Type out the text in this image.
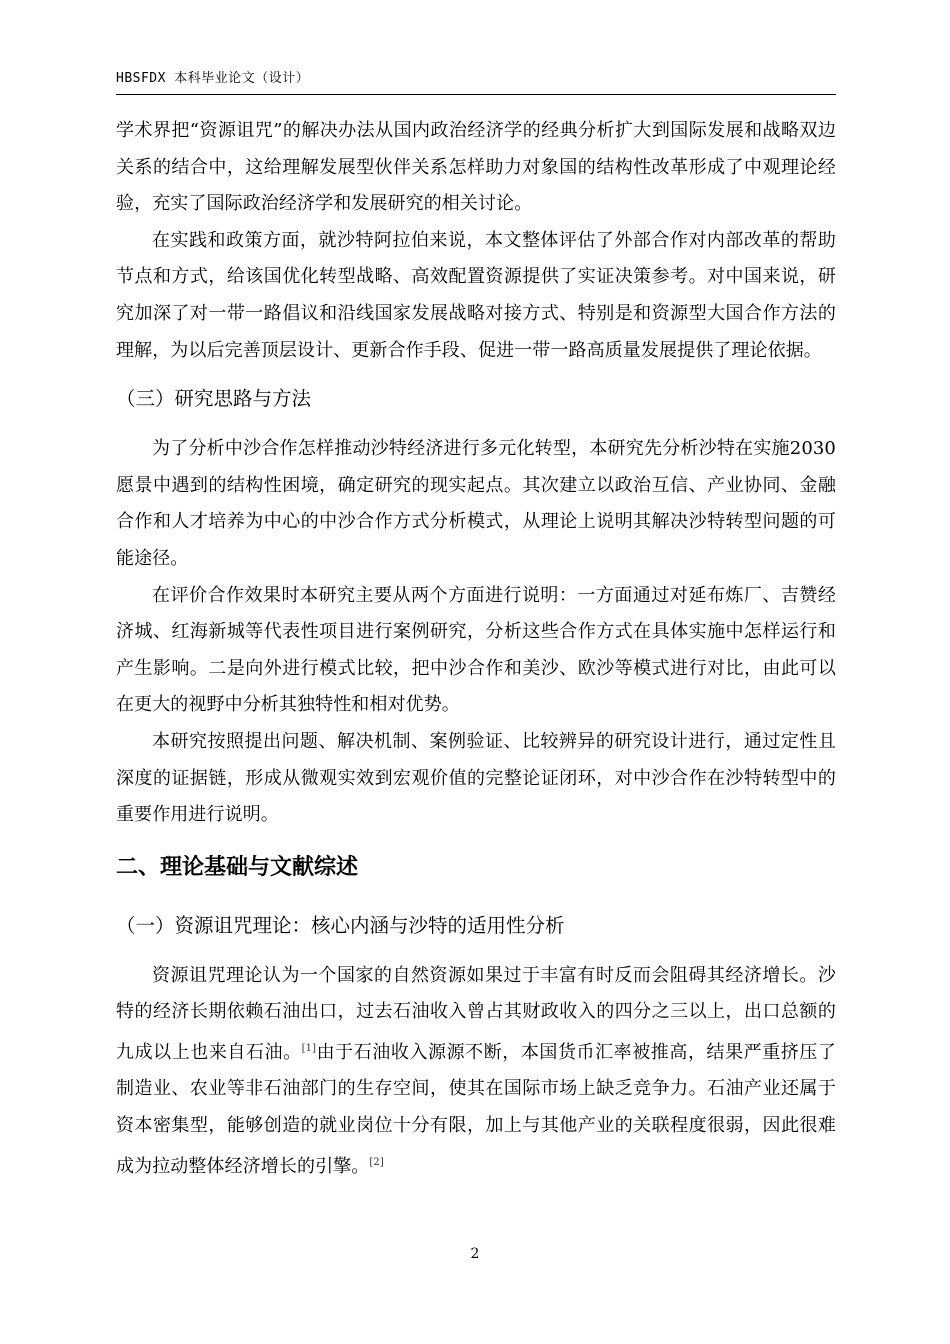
HBSFDX 本科毕业论文（设计）

学术界把“资源诅咒”的解决办法从国内政治经济学的经典分析扩大到国际发展和战略双边关系的结合中，这给理解发展型伙伴关系怎样助力对象国的结构性改革形成了中观理论经验，充实了国际政治经济学和发展研究的相关讨论。

在实践和政策方面，就沙特阿拉伯来说，本文整体评估了外部合作对内部改革的帮助节点和方式，给该国优化转型战略、高效配置资源提供了实证决策参考。对中国来说，研究加深了对一带一路倡议和沿线国家发展战略对接方式、特别是和资源型大国合作方法的理解，为以后完善顶层设计、更新合作手段、促进一带一路高质量发展提供了理论依据。

（三）研究思路与方法

为了分析中沙合作怎样推动沙特经济进行多元化转型，本研究先分析沙特在实施2030愿景中遇到的结构性困境，确定研究的现实起点。其次建立以政治互信、产业协同、金融合作和人才培养为中心的中沙合作方式分析模式，从理论上说明其解决沙特转型问题的可能途径。

在评价合作效果时本研究主要从两个方面进行说明：一方面通过对延布炼厂、吉赞经济城、红海新城等代表性项目进行案例研究，分析这些合作方式在具体实施中怎样运行和产生影响。二是向外进行模式比较，把中沙合作和美沙、欧沙等模式进行对比，由此可以在更大的视野中分析其独特性和相对优势。

本研究按照提出问题、解决机制、案例验证、比较辨异的研究设计进行，通过定性且深度的证据链，形成从微观实效到宏观价值的完整论证闭环，对中沙合作在沙特转型中的重要作用进行说明。

二、理论基础与文献综述
（一）资源诅咒理论：核心内涵与沙特的适用性分析

资源诅咒理论认为一个国家的自然资源如果过于丰富有时反而会阻碍其经济增长。沙特的经济长期依赖石油出口，过去石油收入曾占其财政收入的四分之三以上，出口总额的九成以上也来自石油。[1]由于石油收入源源不断，本国货币汇率被推高，结果严重挤压了制造业、农业等非石油部门的生存空间，使其在国际市场上缺乏竞争力。石油产业还属于资本密集型，能够创造的就业岗位十分有限，加上与其他产业的关联程度很弱，因此很难成为拉动整体经济增长的引擎。[2]

2
